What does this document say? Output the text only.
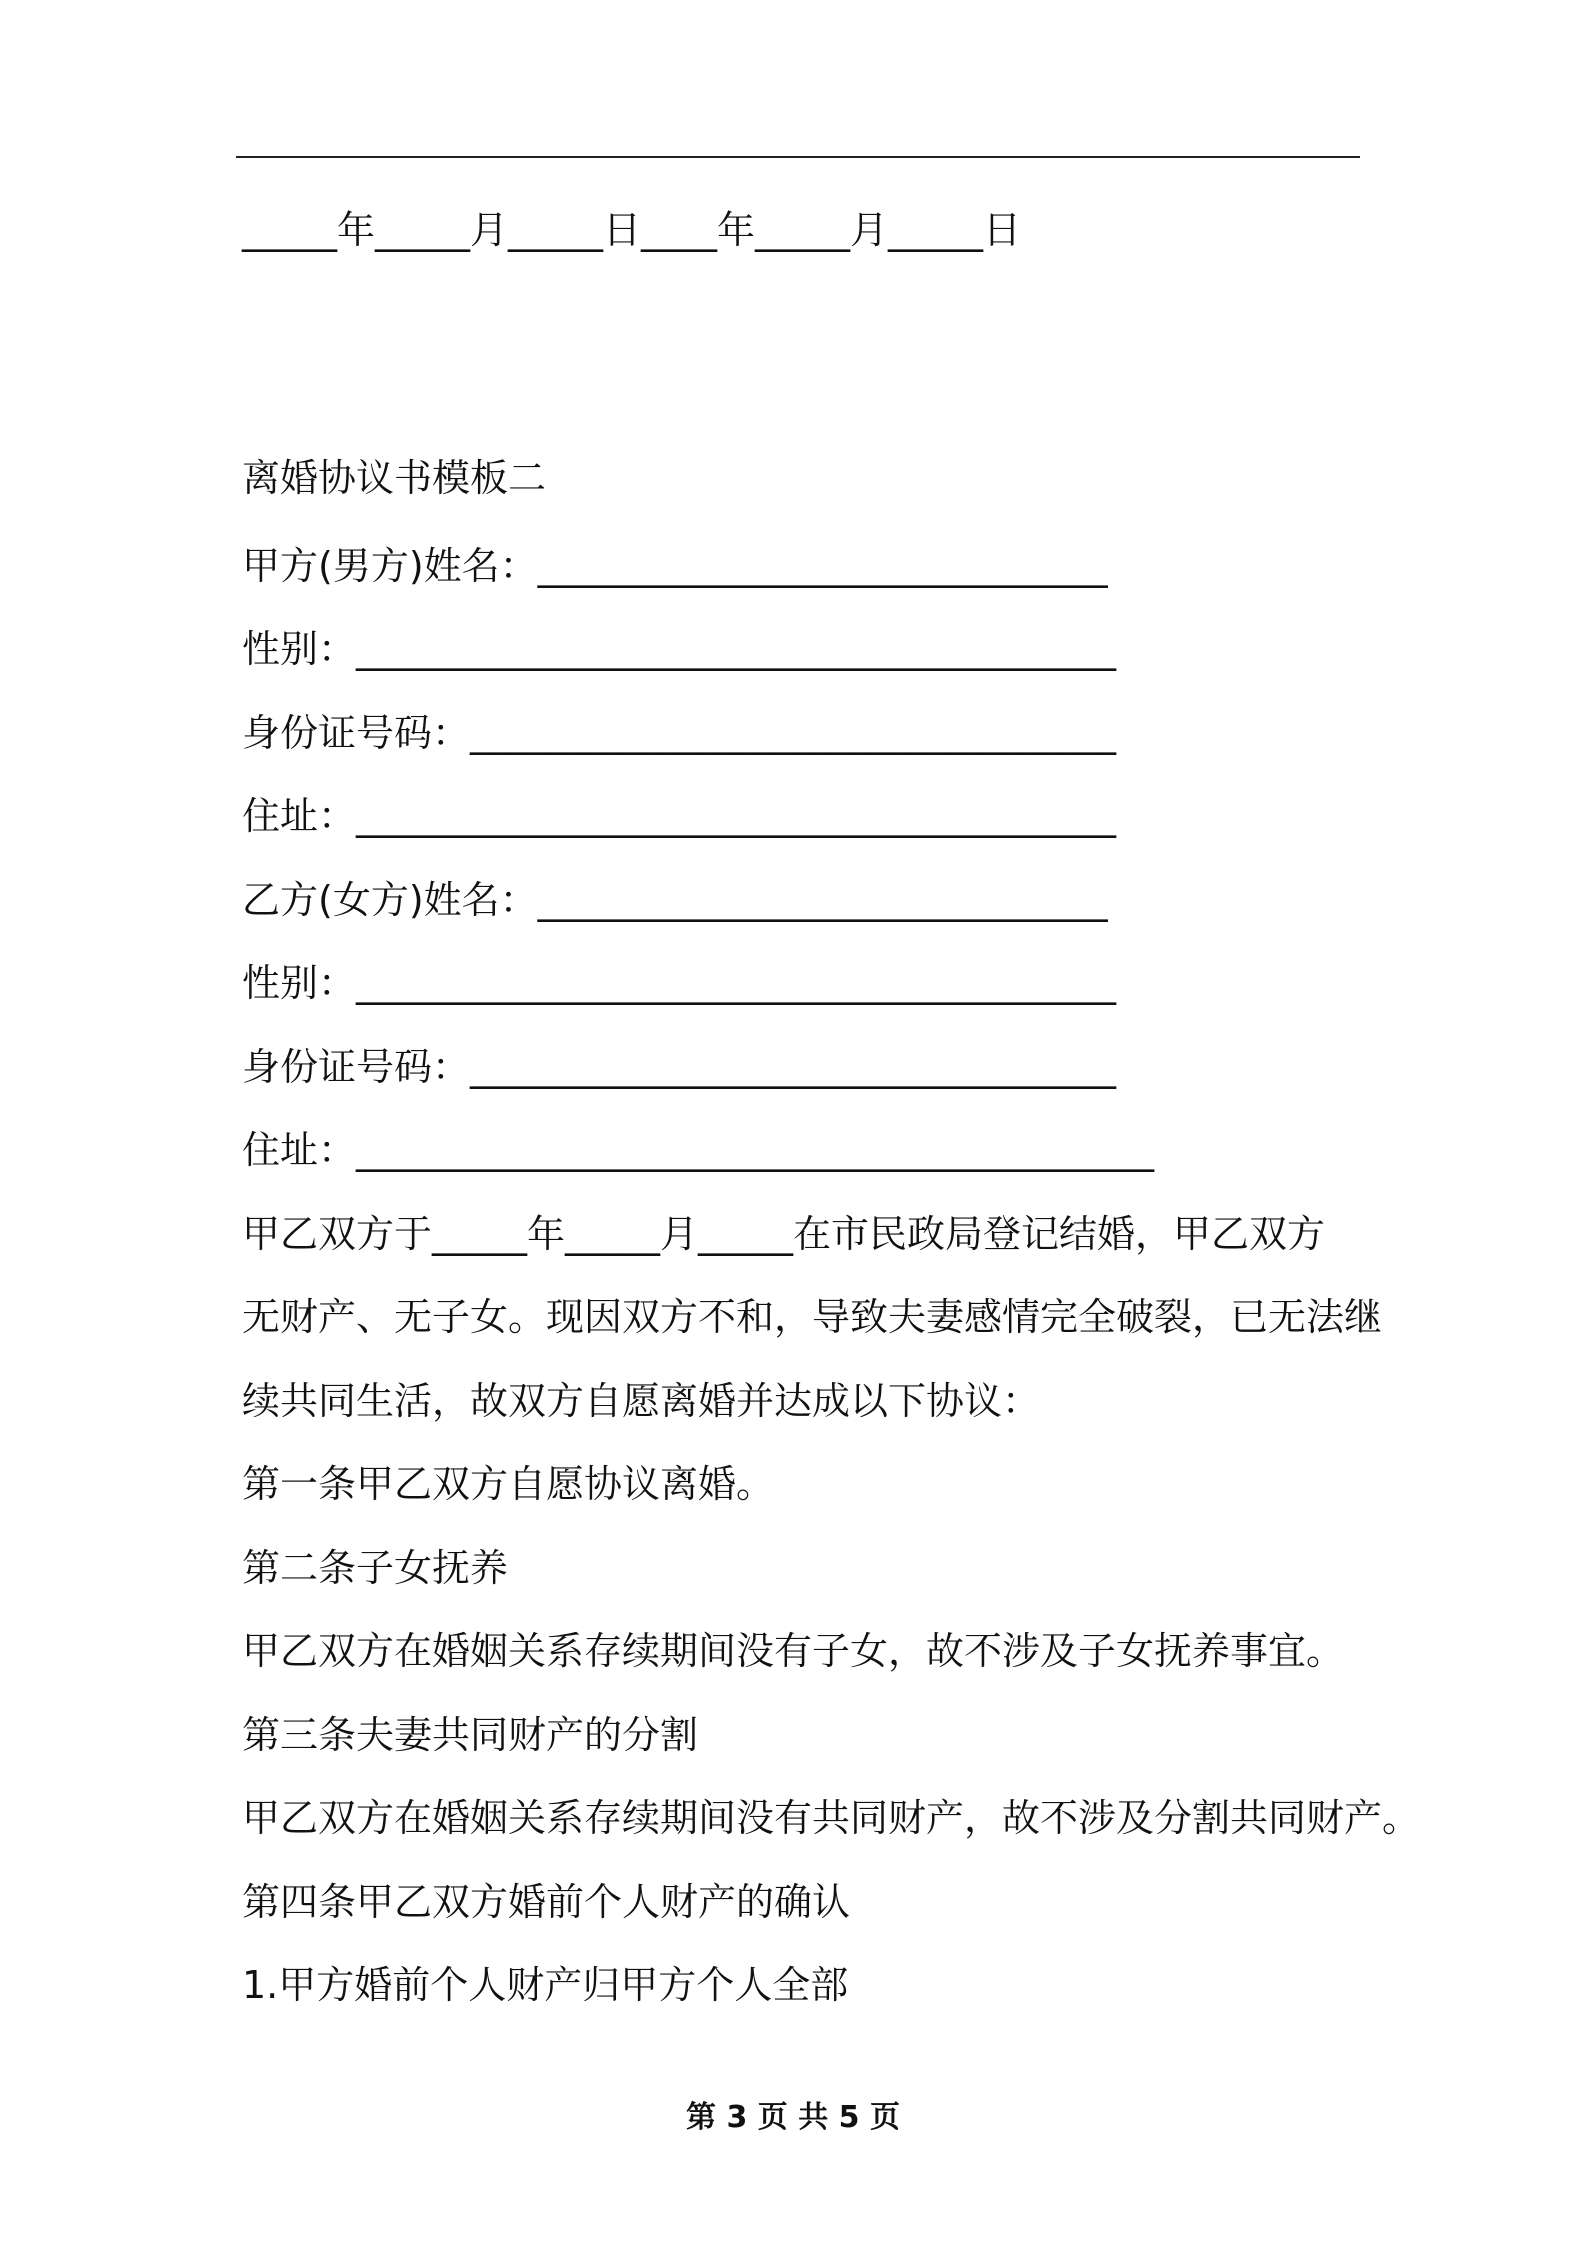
_____年_____月_____日____年_____月_____日
离婚协议书模板二
甲方(男方)姓名：______________________________
性别：________________________________________
身份证号码：__________________________________
住址：________________________________________
乙方(女方)姓名：______________________________
性别：________________________________________
身份证号码：__________________________________
住址：__________________________________________
甲乙双方于_____年_____月_____在市民政局登记结婚，甲乙双方
无财产、无子女。现因双方不和，导致夫妻感情完全破裂，已无法继
续共同生活，故双方自愿离婚并达成以下协议：
第一条甲乙双方自愿协议离婚。
第二条子女抚养
甲乙双方在婚姻关系存续期间没有子女，故不涉及子女抚养事宜。
第三条夫妻共同财产的分割
甲乙双方在婚姻关系存续期间没有共同财产，故不涉及分割共同财产。
第四条甲乙双方婚前个人财产的确认
1.甲方婚前个人财产归甲方个人全部
第 3 页 共 5 页
